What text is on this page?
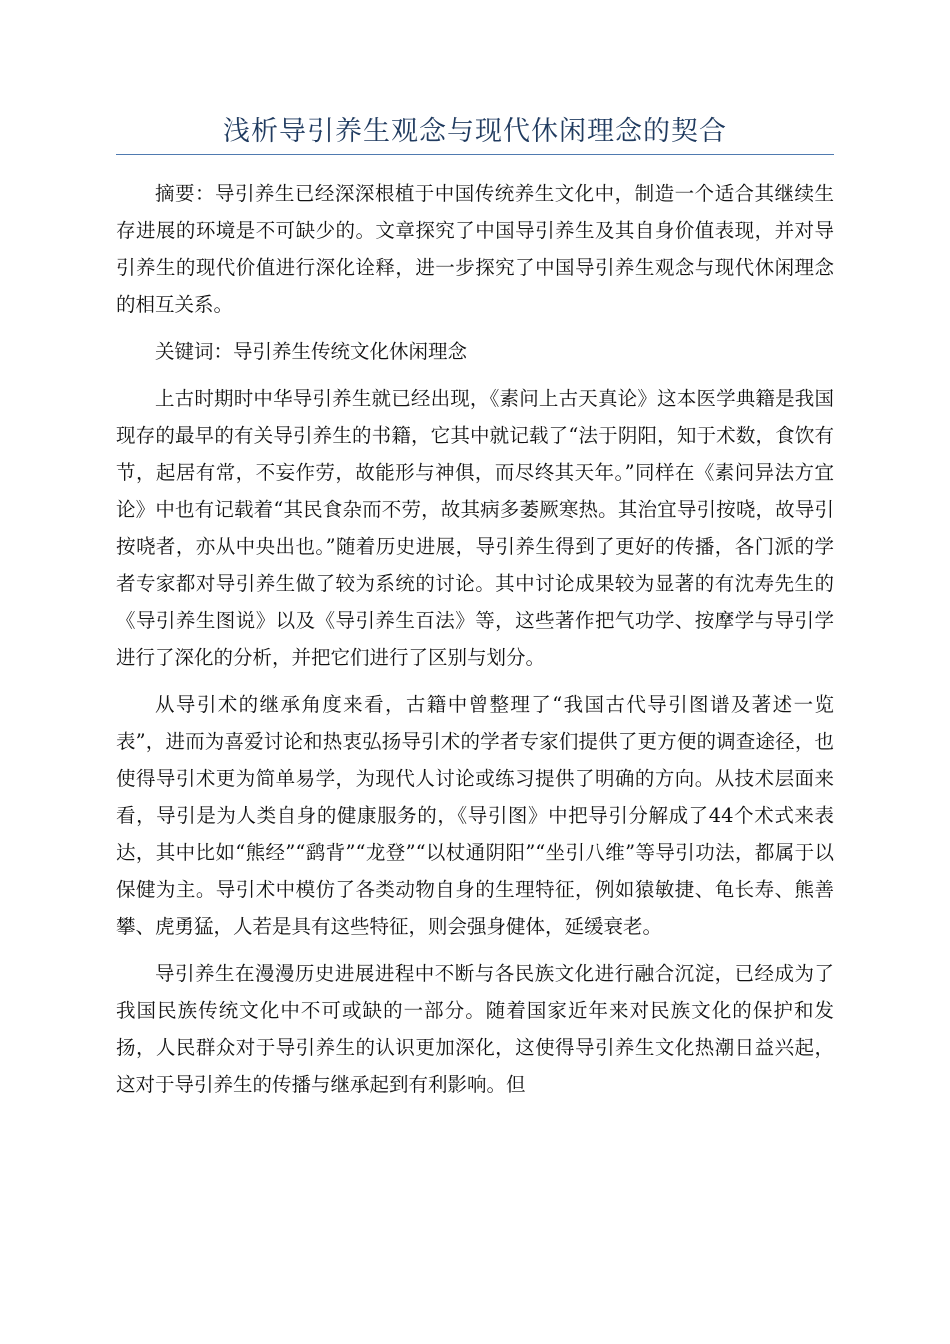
浅析导引养生观念与现代休闲理念的契合

摘要：导引养生已经深深根植于中国传统养生文化中，制造一个适合其继续生存进展的环境是不可缺少的。文章探究了中国导引养生及其自身价值表现，并对导引养生的现代价值进行深化诠释，进一步探究了中国导引养生观念与现代休闲理念的相互关系。

关键词：导引养生传统文化休闲理念

上古时期时中华导引养生就已经出现，《素问上古天真论》这本医学典籍是我国现存的最早的有关导引养生的书籍，它其中就记载了“法于阴阳，知于术数，食饮有节，起居有常，不妄作劳，故能形与神俱，而尽终其天年。”同样在《素问异法方宜论》中也有记载着“其民食杂而不劳，故其病多萎厥寒热。其治宜导引按哓，故导引按哓者，亦从中央出也。”随着历史进展，导引养生得到了更好的传播，各门派的学者专家都对导引养生做了较为系统的讨论。其中讨论成果较为显著的有沈寿先生的《导引养生图说》以及《导引养生百法》等，这些著作把气功学、按摩学与导引学进行了深化的分析，并把它们进行了区别与划分。

从导引术的继承角度来看，古籍中曾整理了“我国古代导引图谱及著述一览表”，进而为喜爱讨论和热衷弘扬导引术的学者专家们提供了更方便的调查途径，也使得导引术更为简单易学，为现代人讨论或练习提供了明确的方向。从技术层面来看，导引是为人类自身的健康服务的，《导引图》中把导引分解成了44个术式来表达，其中比如“熊经”“鹞背”“龙登”“以杖通阴阳”“坐引八维”等导引功法，都属于以保健为主。导引术中模仿了各类动物自身的生理特征，例如猿敏捷、龟长寿、熊善攀、虎勇猛，人若是具有这些特征，则会强身健体，延缓衰老。

导引养生在漫漫历史进展进程中不断与各民族文化进行融合沉淀，已经成为了我国民族传统文化中不可或缺的一部分。随着国家近年来对民族文化的保护和发扬，人民群众对于导引养生的认识更加深化，这使得导引养生文化热潮日益兴起，这对于导引养生的传播与继承起到有利影响。但
